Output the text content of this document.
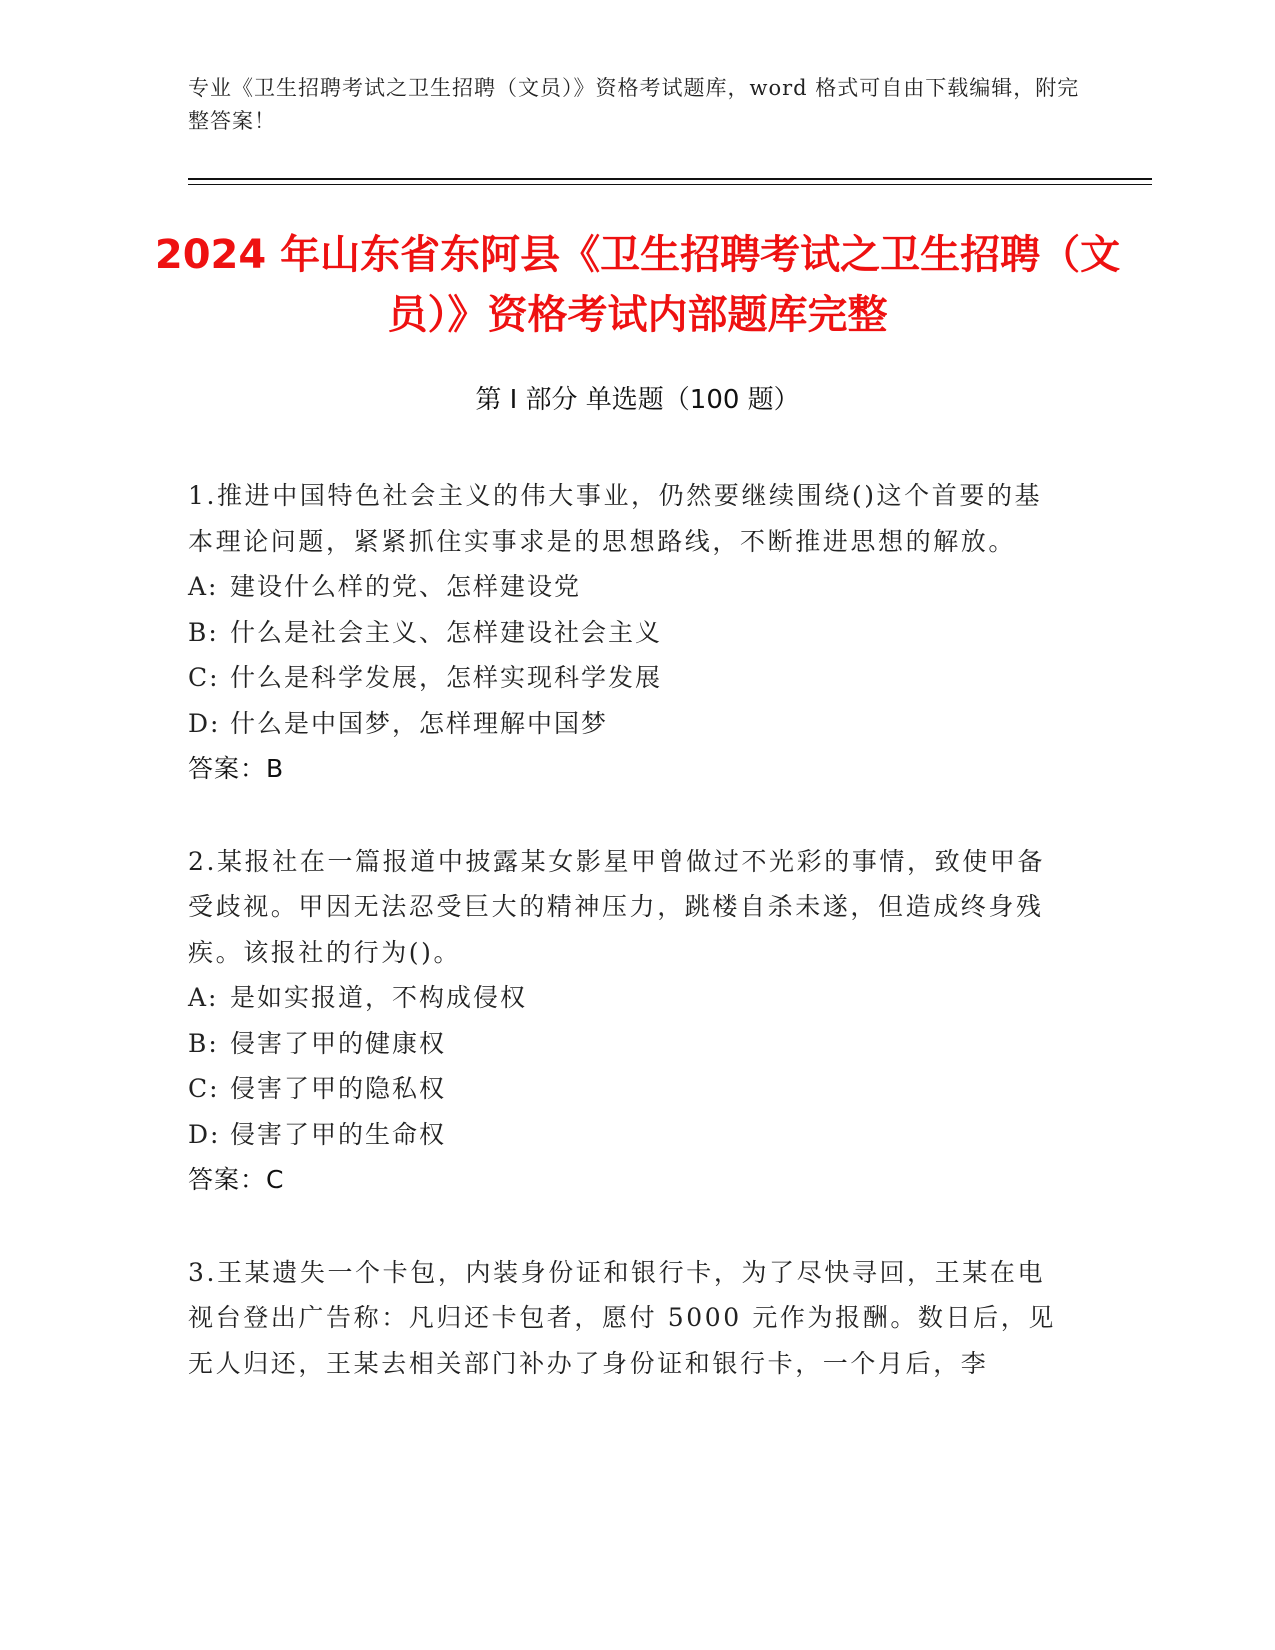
专业《卫生招聘考试之卫生招聘（文员）》资格考试题库，word 格式可自由下载编辑，附完整答案！
2024 年山东省东阿县《卫生招聘考试之卫生招聘（文员）》资格考试内部题库完整
第 I 部分 单选题（100 题）
1.推进中国特色社会主义的伟大事业，仍然要继续围绕()这个首要的基本理论问题，紧紧抓住实事求是的思想路线，不断推进思想的解放。
A: 建设什么样的党、怎样建设党
B: 什么是社会主义、怎样建设社会主义
C: 什么是科学发展，怎样实现科学发展
D: 什么是中国梦，怎样理解中国梦
答案：B
2.某报社在一篇报道中披露某女影星甲曾做过不光彩的事情，致使甲备受歧视。甲因无法忍受巨大的精神压力，跳楼自杀未遂，但造成终身残疾。该报社的行为()。
A: 是如实报道，不构成侵权
B: 侵害了甲的健康权
C: 侵害了甲的隐私权
D: 侵害了甲的生命权
答案：C
3.王某遗失一个卡包，内装身份证和银行卡，为了尽快寻回，王某在电视台登出广告称：凡归还卡包者，愿付 5000 元作为报酬。数日后，见无人归还，王某去相关部门补办了身份证和银行卡，一个月后，李
